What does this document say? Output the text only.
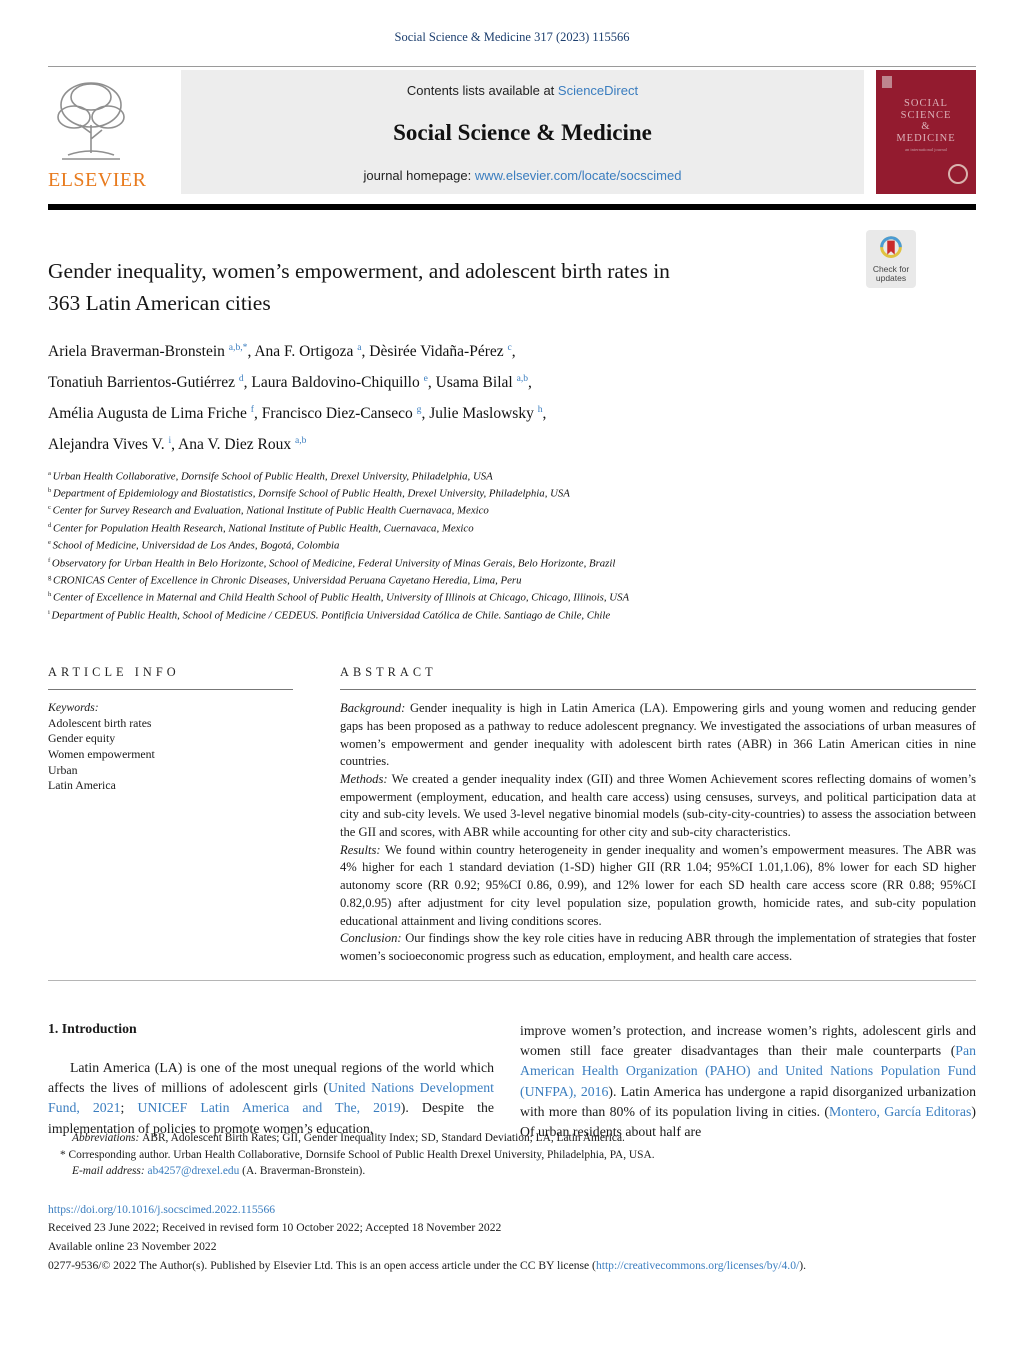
Social Science & Medicine 317 (2023) 115566
ELSEVIER
Contents lists available at ScienceDirect
Social Science & Medicine
journal homepage: www.elsevier.com/locate/socscimed
SOCIAL
SCIENCE
&
MEDICINE
an international journal
Gender inequality, women’s empowerment, and adolescent birth rates in
363 Latin American cities
Ariela Braverman-Bronstein $^{a,b,*}$, Ana F. Ortigoza $^a$, Dèsirée Vidaña-Pérez $^c$,
Tonatiuh Barrientos-Gutiérrez $^d$, Laura Baldovino-Chiquillo $^e$, Usama Bilal $^{a,b}$,
Amélia Augusta de Lima Friche $^f$, Francisco Diez-Canseco $^g$, Julie Maslowsky $^h$,
Alejandra Vives V. $^i$, Ana V. Diez Roux $^{a,b}$
$^a$ Urban Health Collaborative, Dornsife School of Public Health, Drexel University, Philadelphia, USA
$^b$ Department of Epidemiology and Biostatistics, Dornsife School of Public Health, Drexel University, Philadelphia, USA
$^c$ Center for Survey Research and Evaluation, National Institute of Public Health Cuernavaca, Mexico
$^d$ Center for Population Health Research, National Institute of Public Health, Cuernavaca, Mexico
$^e$ School of Medicine, Universidad de Los Andes, Bogotá, Colombia
$^f$ Observatory for Urban Health in Belo Horizonte, School of Medicine, Federal University of Minas Gerais, Belo Horizonte, Brazil
$^g$ CRONICAS Center of Excellence in Chronic Diseases, Universidad Peruana Cayetano Heredia, Lima, Peru
$^h$ Center of Excellence in Maternal and Child Health School of Public Health, University of Illinois at Chicago, Chicago, Illinois, USA
$^i$ Department of Public Health, School of Medicine / CEDEUS. Pontificia Universidad Católica de Chile. Santiago de Chile, Chile
ARTICLE INFO
Keywords:
Adolescent birth rates
Gender equity
Women empowerment
Urban
Latin America
ABSTRACT
Background: Gender inequality is high in Latin America (LA). Empowering girls and young women and reducing gender gaps has been proposed as a pathway to reduce adolescent pregnancy. We investigated the associations of urban measures of women’s empowerment and gender inequality with adolescent birth rates (ABR) in 366 Latin American cities in nine countries.
Methods: We created a gender inequality index (GII) and three Women Achievement scores reflecting domains of women’s empowerment (employment, education, and health care access) using censuses, surveys, and political participation data at city and sub-city levels. We used 3-level negative binomial models (sub-city-city-countries) to assess the association between the GII and scores, with ABR while accounting for other city and sub-city characteristics.
Results: We found within country heterogeneity in gender inequality and women’s empowerment measures. The ABR was 4% higher for each 1 standard deviation (1-SD) higher GII (RR 1.04; 95%CI 1.01,1.06), 8% lower for each SD higher autonomy score (RR 0.92; 95%CI 0.86, 0.99), and 12% lower for each SD health care access score (RR 0.88; 95%CI 0.82,0.95) after adjustment for city level population size, population growth, homicide rates, and sub-city population educational attainment and living conditions scores.
Conclusion: Our findings show the key role cities have in reducing ABR through the implementation of strategies that foster women’s socioeconomic progress such as education, employment, and health care access.
1. Introduction

Latin America (LA) is one of the most unequal regions of the world which affects the lives of millions of adolescent girls (United Nations Development Fund, 2021; UNICEF Latin America and The, 2019). Despite the implementation of policies to promote women’s education,

improve women’s protection, and increase women’s rights, adolescent girls and women still face greater disadvantages than their male counterparts (Pan American Health Organization (PAHO) and United Nations Population Fund (UNFPA), 2016). Latin America has undergone a rapid disorganized urbanization with more than 80% of its population living in cities. (Montero, García Editoras) Of urban residents about half are

Check for
updates
Abbreviations: ABR, Adolescent Birth Rates; GII, Gender Inequality Index; SD, Standard Deviation; LA, Latin America.
* Corresponding author. Urban Health Collaborative, Dornsife School of Public Health Drexel University, Philadelphia, PA, USA.
E-mail address: ab4257@drexel.edu (A. Braverman-Bronstein).
https://doi.org/10.1016/j.socscimed.2022.115566
Received 23 June 2022; Received in revised form 10 October 2022; Accepted 18 November 2022
Available online 23 November 2022
0277-9536/© 2022 The Author(s). Published by Elsevier Ltd. This is an open access article under the CC BY license (http://creativecommons.org/licenses/by/4.0/).
